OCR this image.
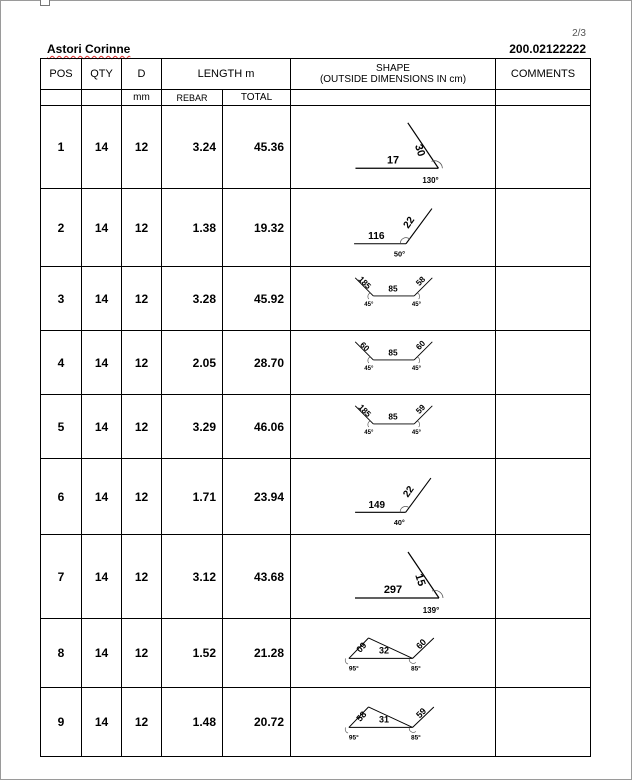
2/3
Astori Corinne	200.02122222
POS	QTY	D	LENGTH m		SHAPE
(OUTSIDE DIMENSIONS IN cm)	COMMENTS
		mm	REBAR	TOTAL		
1	14	12	3.24	45.36	17
30
130°	

2	14	12	1.38	19.32	116
22
50°	

3	14	12	3.28	45.92	185 85
58
45° 45°	

4	14	12	2.05	28.70	60 85
60
45° 45°	

5	14	12	3.29	46.06	185 85
59
45° 45°	

6	14	12	1.71	23.94	149
22
40°	

7	14	12	3.12	43.68	297
15
139°	

8	14	12	1.52	21.28	09 32 60
95° 85°	

9	14	12	1.48	20.72	58 31 59
95° 85°	
